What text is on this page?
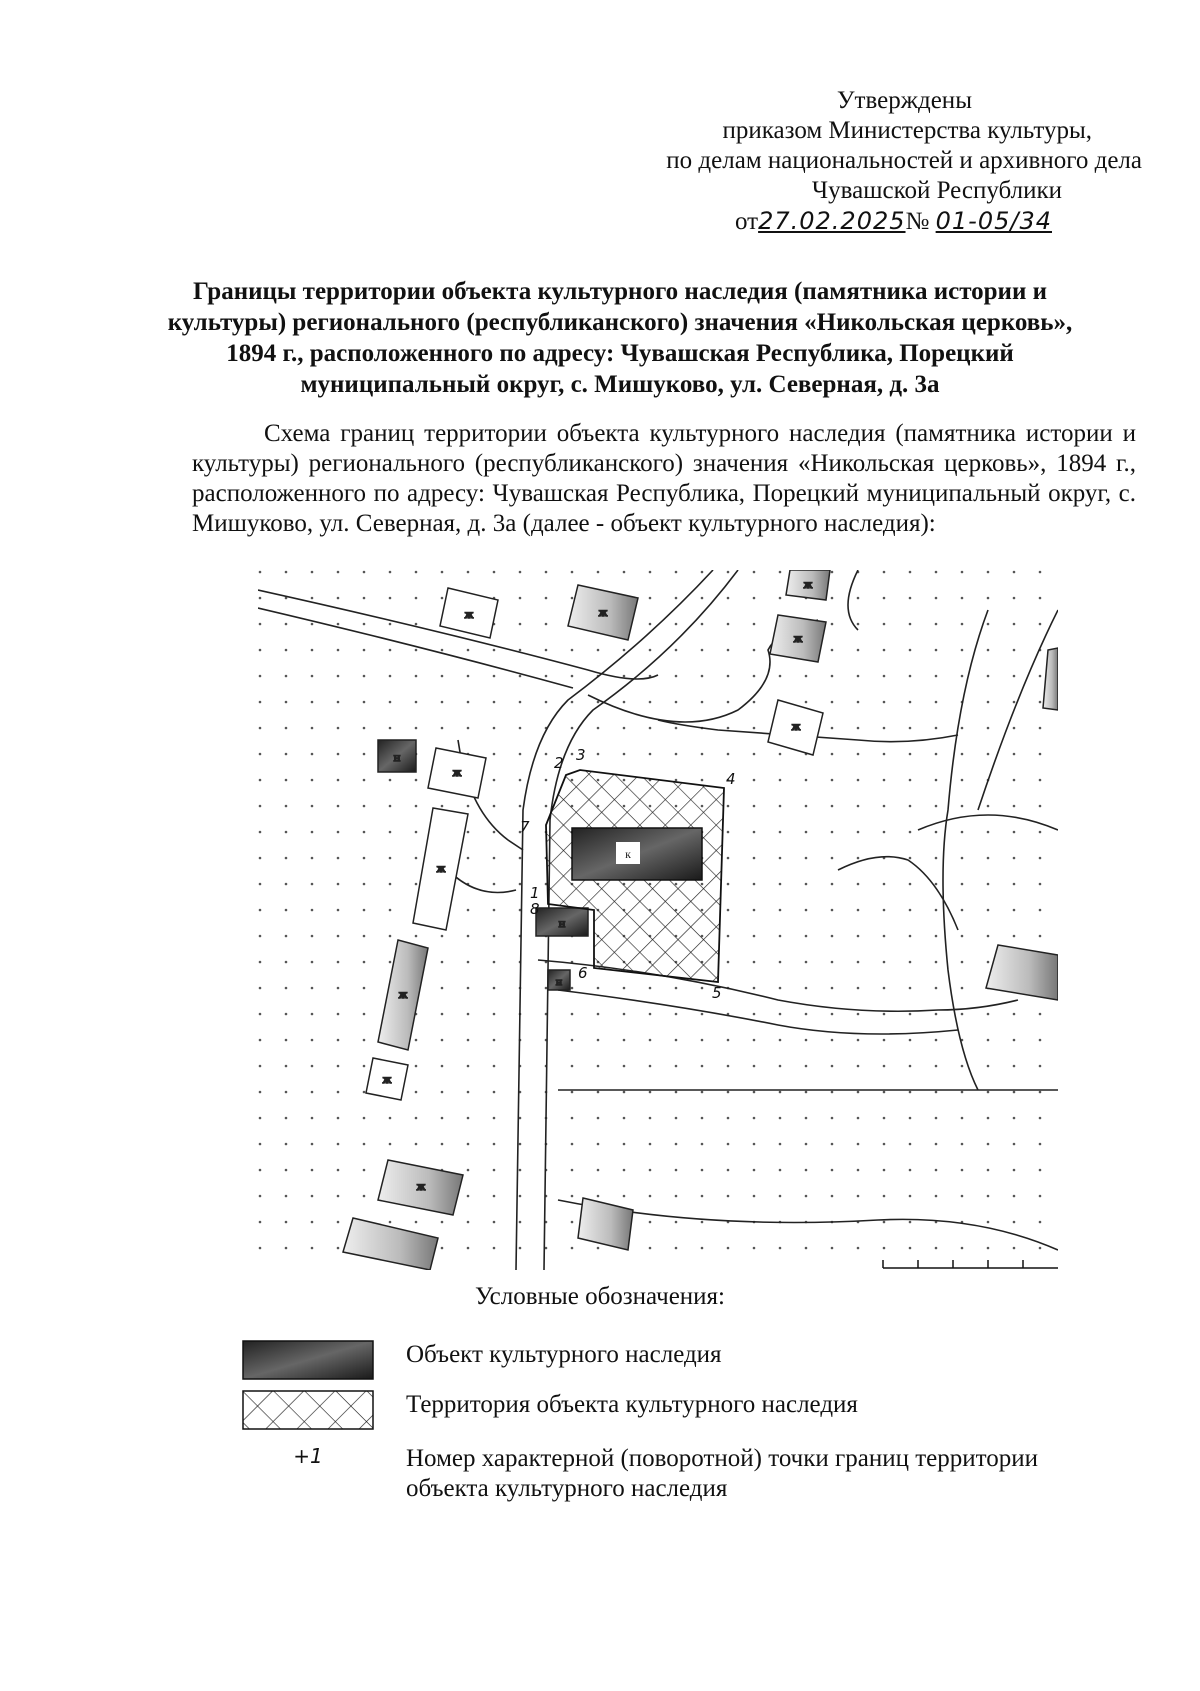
Утверждены
приказом Министерства культуры,
по делам национальностей и архивного дела
Чувашской Республики
от27.02.2025№ 01-05/34
Границы территории объекта культурного наследия (памятника истории и культуры) регионального (республиканского) значения «Никольская церковь», 1894 г., расположенного по адресу: Чувашская Республика, Порецкий муниципальный округ, с. Мишуково, ул. Северная, д. 3а
Схема границ территории объекта культурного наследия (памятника истории и культуры) регионального (республиканского) значения «Никольская церковь», 1894 г., расположенного по адресу: Чувашская Республика, Порецкий муниципальный округ, с. Мишуково, ул. Северная, д. 3а (далее - объект культурного наследия):
ж	ж
ж
ж
ж
ж
ж
ж
ж
ж
н
н
н
к
1
2 3
4
5
6
7
8
Условные обозначения:
Объект культурного наследия
Территория объекта культурного наследия
+1	Номер характерной (поворотной) точки границ территории объекта культурного наследия
